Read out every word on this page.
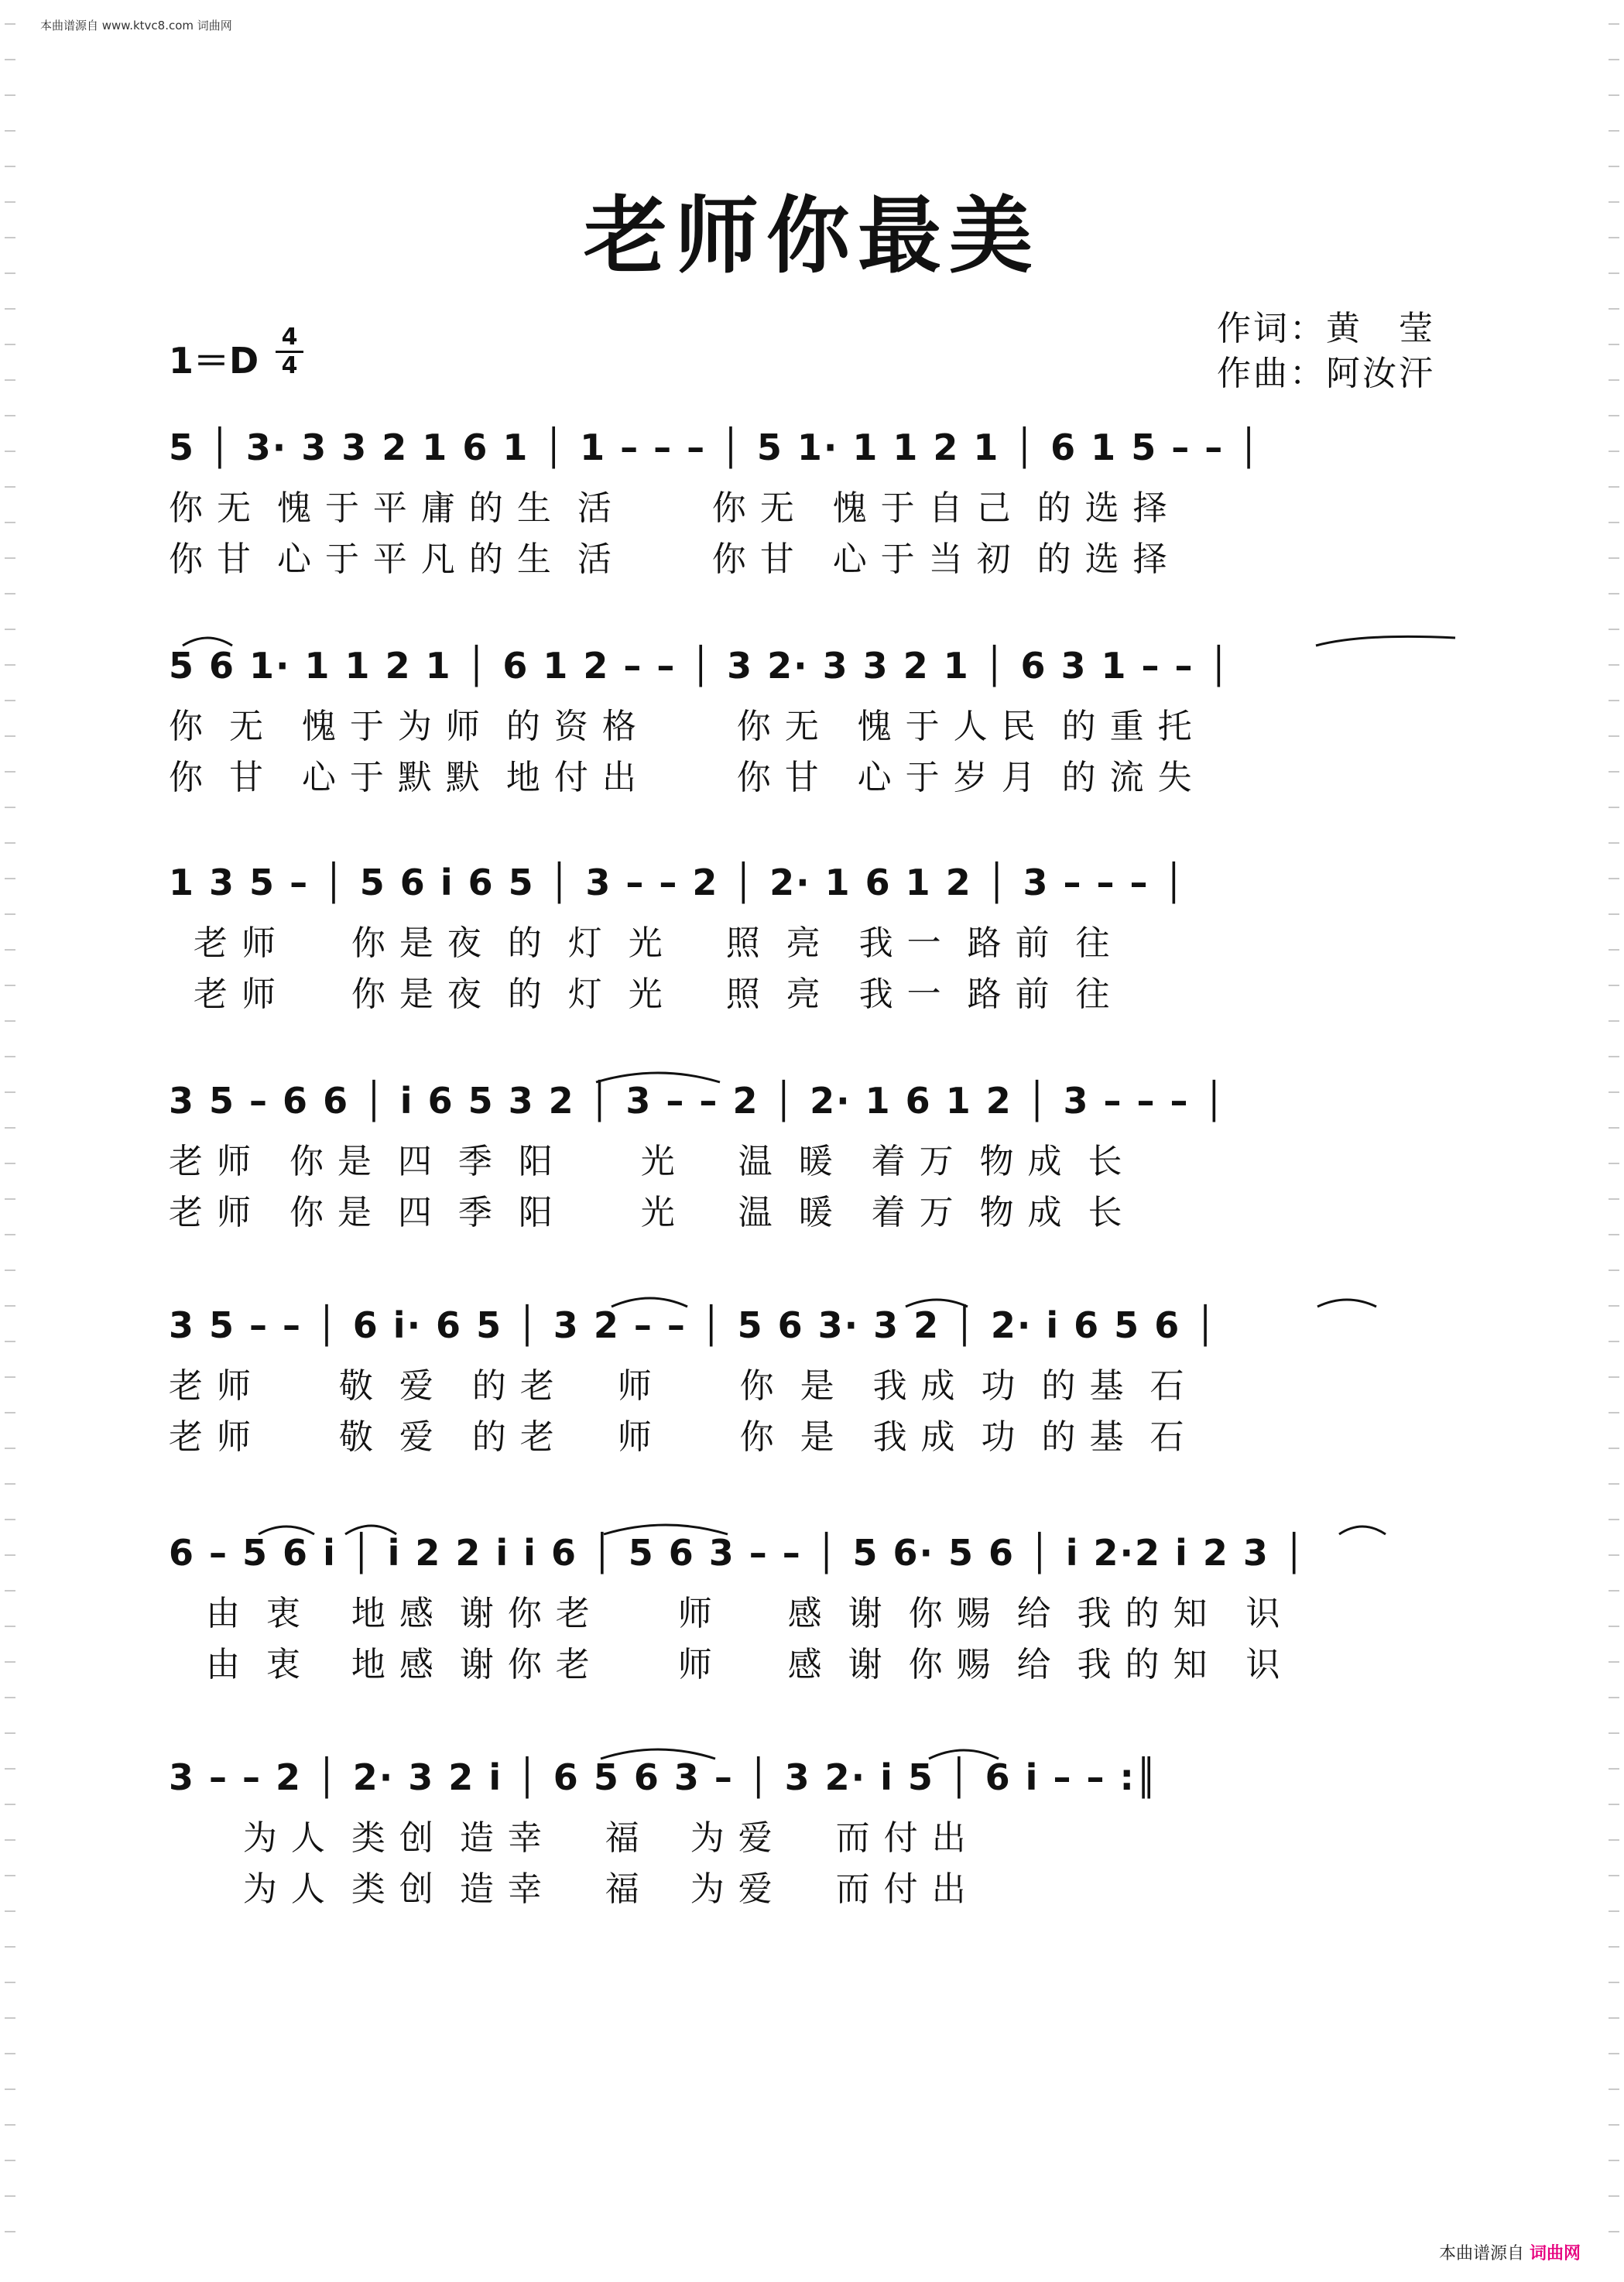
本曲谱源自 www.ktvc8.com 词曲网
老师你最美
1＝D
4
4
作词：黄　莹
作曲：阿汝汗
5 │ 3· 3 3 2 1 6 1 │ 1 – – – │ 5 1· 1 1 2 1 │ 6 1 5 – – │
你 无  愧 于 平 庸 的 生  活        你 无   愧 于 自 己  的 选 择
你 甘  心 于 平 凡 的 生  活        你 甘   心 于 当 初  的 选 择
5 6 1· 1 1 2 1 │ 6 1 2 – – │ 3 2· 3 3 2 1 │ 6 3 1 – – │
你  无   愧 于 为 师  的 资 格        你 无   愧 于 人 民  的 重 托
你  甘   心 于 默 默  地 付 出        你 甘   心 于 岁 月  的 流 失
1 3 5 – │ 5 6 i 6 5 │ 3 – – 2 │ 2· 1 6 1 2 │ 3 – – – │
老 师      你 是 夜  的  灯  光     照  亮   我 一  路 前  往
老 师      你 是 夜  的  灯  光     照  亮   我 一  路 前  往
3 5 – 6 6 │ i 6 5 3 2 │ 3 – – 2 │ 2· 1 6 1 2 │ 3 – – – │
老 师   你 是  四  季  阳       光     温  暖   着 万  物 成  长
老 师   你 是  四  季  阳       光     温  暖   着 万  物 成  长
3 5 – – │ 6 i· 6 5 │ 3 2 – – │ 5 6 3· 3 2 │ 2· i 6 5 6 │
老 师       敬  爱   的 老     师       你  是   我 成  功  的 基  石
老 师       敬  爱   的 老     师       你  是   我 成  功  的 基  石
6 – 5 6 i │ i 2 2 i i 6 │ 5 6 3 – – │ 5 6· 5 6 │ i 2·2 i 2 3 │
由  衷    地 感  谢 你 老       师      感  谢  你 赐  给  我 的 知   识
由  衷    地 感  谢 你 老       师      感  谢  你 赐  给  我 的 知   识
3 – – 2 │ 2· 3 2 i │ 6 5 6 3 – │ 3 2· i 5 │ 6 i – – :║
为 人  类 创  造 幸     福    为 爱     而 付 出
为 人  类 创  造 幸     福    为 爱     而 付 出
本曲谱源自 词曲网
